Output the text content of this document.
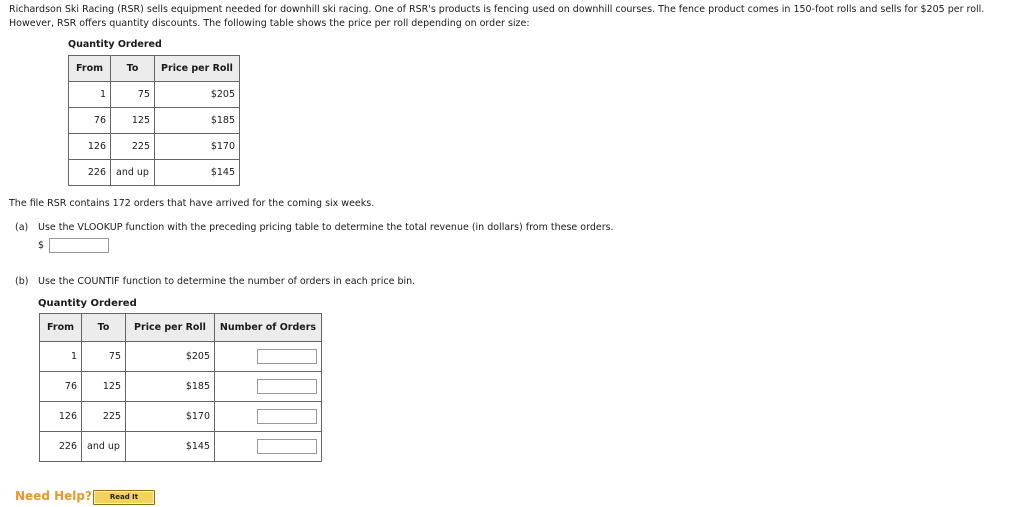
Richardson Ski Racing (RSR) sells equipment needed for downhill ski racing. One of RSR's products is fencing used on downhill courses. The fence product comes in 150-foot rolls and sells for $205 per roll. However, RSR offers quantity discounts. The following table shows the price per roll depending on order size:
Quantity Ordered
From	To	Price per Roll
1	75	$205
76	125	$185
126	225	$170
226	and up	$145
The file RSR contains 172 orders that have arrived for the coming six weeks.
(a) Use the VLOOKUP function with the preceding pricing table to determine the total revenue (in dollars) from these orders.
$
(b) Use the COUNTIF function to determine the number of orders in each price bin.
Quantity Ordered
From	To	Price per Roll	Number of Orders
1	75	$205	
76	125	$185	
126	225	$170	
226	and up	$145	
Need Help?	Read It
